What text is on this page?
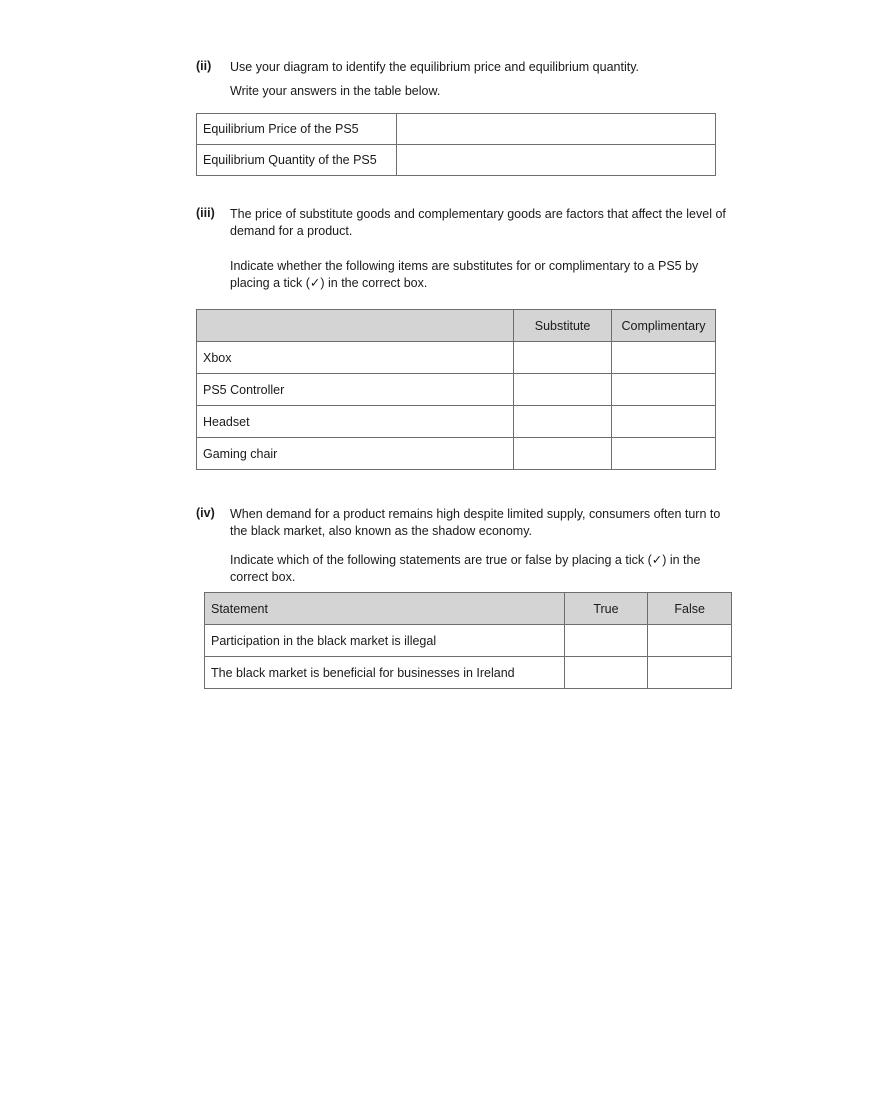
(ii) Use your diagram to identify the equilibrium price and equilibrium quantity.
Write your answers in the table below.
Equilibrium Price of the PS5	
Equilibrium Quantity of the PS5	
(iii) The price of substitute goods and complementary goods are factors that affect the level of demand for a product.
Indicate whether the following items are substitutes for or complimentary to a PS5 by placing a tick (✓) in the correct box.
	Substitute	Complimentary
Xbox		
PS5 Controller		
Headset		
Gaming chair		
(iv) When demand for a product remains high despite limited supply, consumers often turn to the black market, also known as the shadow economy.
Indicate which of the following statements are true or false by placing a tick (✓) in the correct box.
Statement	True	False
Participation in the black market is illegal		
The black market is beneficial for businesses in Ireland		
